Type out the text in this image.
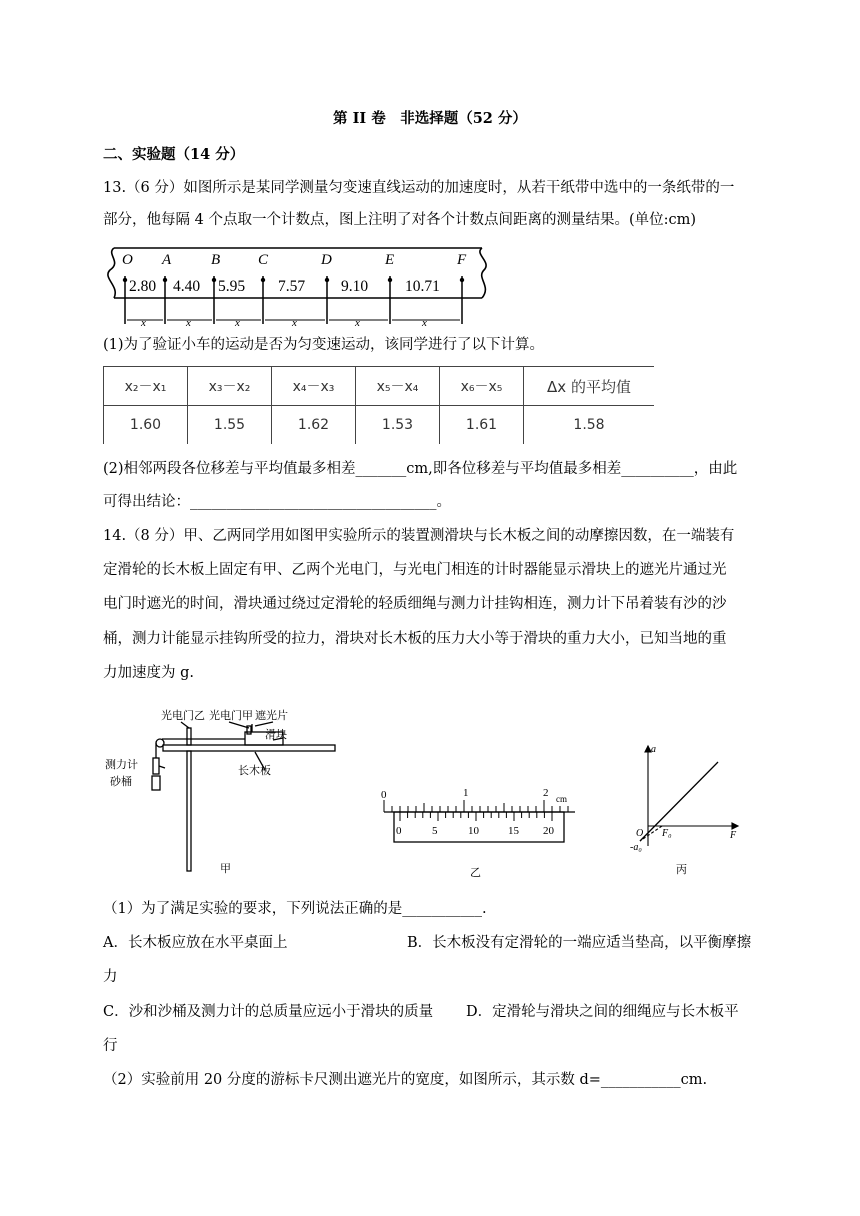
第 II 卷　非选择题（52 分）
二、实验题（14 分）
13.（6 分）如图所示是某同学测量匀变速直线运动的加速度时，从若干纸带中选中的一条纸带的一
部分，他每隔 4 个点取一个计数点，图上注明了对各个计数点间距离的测量结果。(单位:cm)
O A	B	C	D	E	F
2.80 4.40 5.95 7.57 9.10 10.71
x	x	x	x	x	x
(1)为了验证小车的运动是否为匀变速运动，该同学进行了以下计算。
x₂－x₁	x₃－x₂	x₄－x₃	x₅－x₄	x₆－x₅	Δx 的平均值
1.60	1.55	1.62	1.53	1.61	1.58
(2)相邻两段各位移差与平均值最多相差_______cm,即各位移差与平均值最多相差__________，由此
可得出结论：__________________________________。
14.（8 分）甲、乙两同学用如图甲实验所示的装置测滑块与长木板之间的动摩擦因数，在一端装有
定滑轮的长木板上固定有甲、乙两个光电门，与光电门相连的计时器能显示滑块上的遮光片通过光
电门时遮光的时间，滑块通过绕过定滑轮的轻质细绳与测力计挂钩相连，测力计下吊着装有沙的沙
桶，测力计能显示挂钩所受的拉力，滑块对长木板的压力大小等于滑块的重力大小，已知当地的重
力加速度为 g.
光电门乙 光电门甲 遮光片
滑块
测力计
砂桶
长木板
甲
0	1	2 cm
0	5	10	15 20
乙
a
F
O F₀
-a₀
丙
（1）为了满足实验的要求，下列说法正确的是___________.
A．长木板应放在水平桌面上	B．长木板没有定滑轮的一端应适当垫高，以平衡摩擦
力
C．沙和沙桶及测力计的总质量应远小于滑块的质量 D．定滑轮与滑块之间的细绳应与长木板平
行
（2）实验前用 20 分度的游标卡尺测出遮光片的宽度，如图所示，其示数 d=___________cm.
